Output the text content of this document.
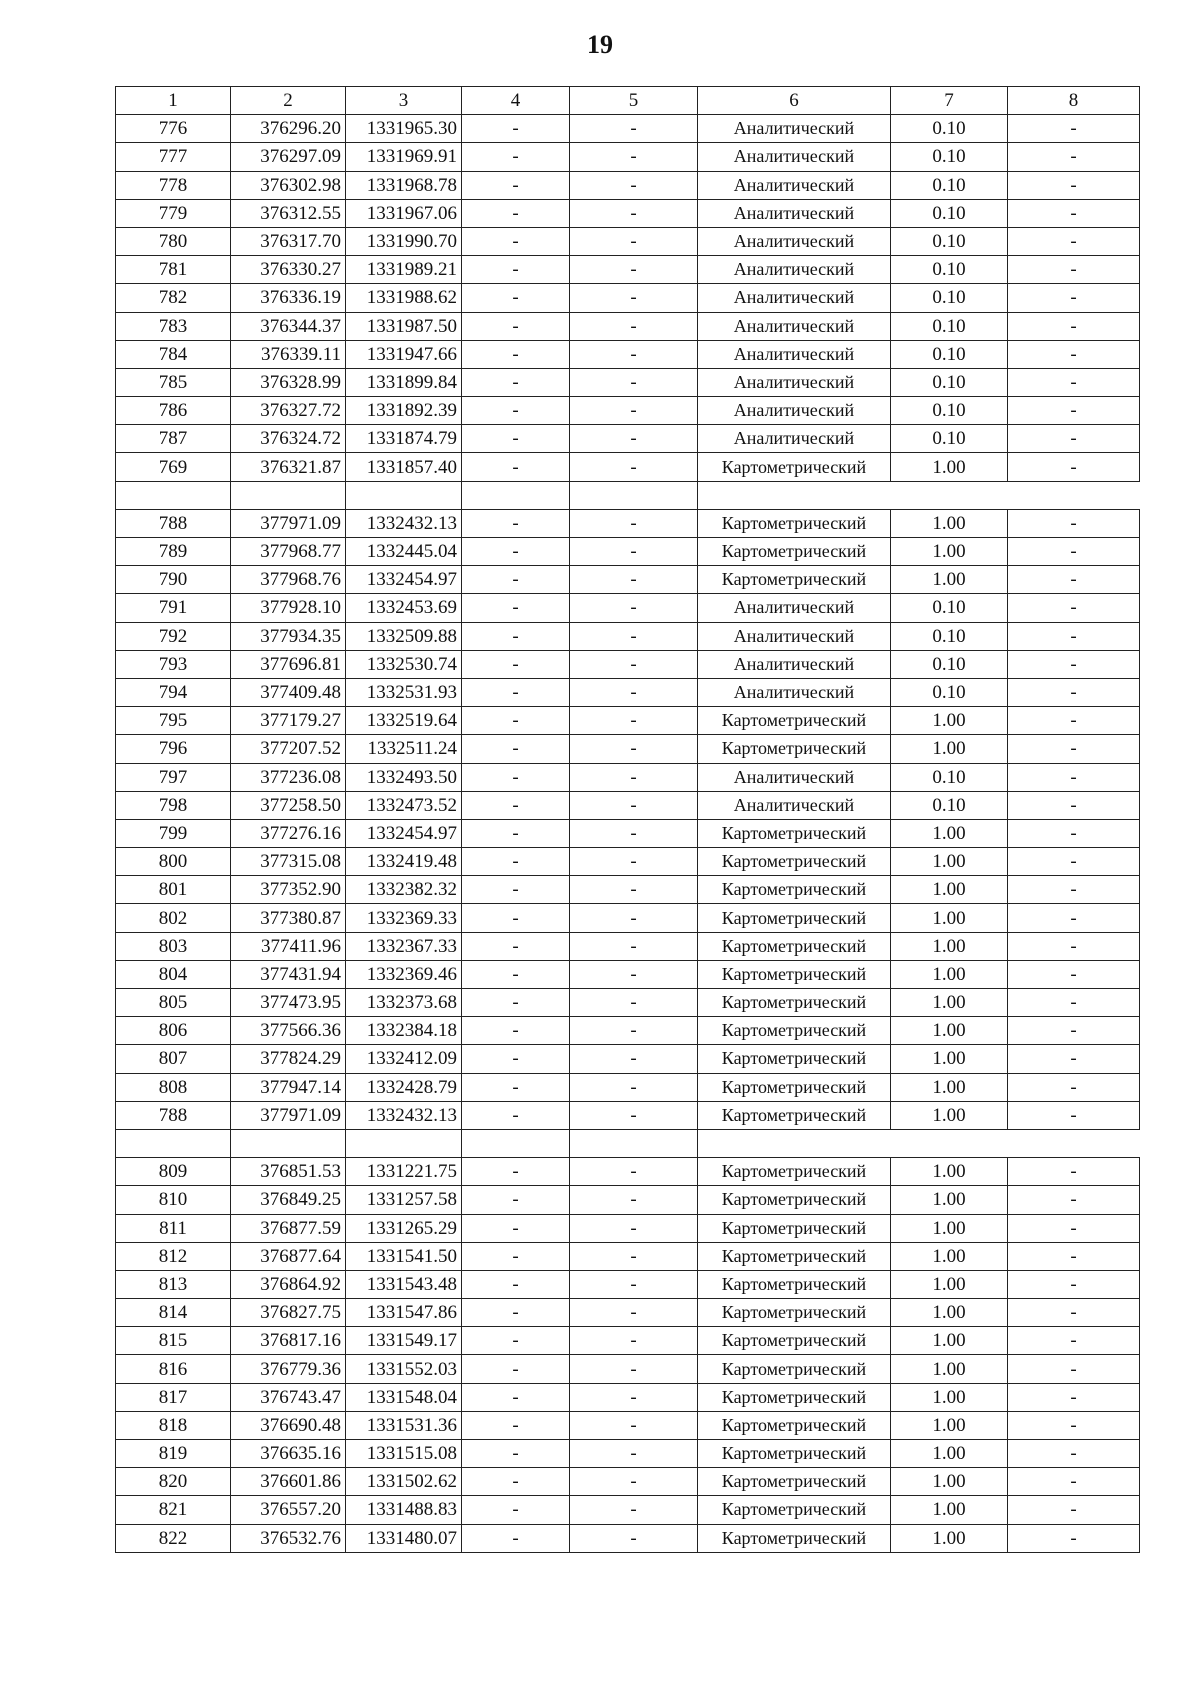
19
1	2	3	4	5	6	7	8
776	376296.20	1331965.30	-	-	Аналитический	0.10	-
777	376297.09	1331969.91	-	-	Аналитический	0.10	-
778	376302.98	1331968.78	-	-	Аналитический	0.10	-
779	376312.55	1331967.06	-	-	Аналитический	0.10	-
780	376317.70	1331990.70	-	-	Аналитический	0.10	-
781	376330.27	1331989.21	-	-	Аналитический	0.10	-
782	376336.19	1331988.62	-	-	Аналитический	0.10	-
783	376344.37	1331987.50	-	-	Аналитический	0.10	-
784	376339.11	1331947.66	-	-	Аналитический	0.10	-
785	376328.99	1331899.84	-	-	Аналитический	0.10	-
786	376327.72	1331892.39	-	-	Аналитический	0.10	-
787	376324.72	1331874.79	-	-	Аналитический	0.10	-
769	376321.87	1331857.40	-	-	Картометрический	1.00	-

788	377971.09	1332432.13	-	-	Картометрический	1.00	-
789	377968.77	1332445.04	-	-	Картометрический	1.00	-
790	377968.76	1332454.97	-	-	Картометрический	1.00	-
791	377928.10	1332453.69	-	-	Аналитический	0.10	-
792	377934.35	1332509.88	-	-	Аналитический	0.10	-
793	377696.81	1332530.74	-	-	Аналитический	0.10	-
794	377409.48	1332531.93	-	-	Аналитический	0.10	-
795	377179.27	1332519.64	-	-	Картометрический	1.00	-
796	377207.52	1332511.24	-	-	Картометрический	1.00	-
797	377236.08	1332493.50	-	-	Аналитический	0.10	-
798	377258.50	1332473.52	-	-	Аналитический	0.10	-
799	377276.16	1332454.97	-	-	Картометрический	1.00	-
800	377315.08	1332419.48	-	-	Картометрический	1.00	-
801	377352.90	1332382.32	-	-	Картометрический	1.00	-
802	377380.87	1332369.33	-	-	Картометрический	1.00	-
803	377411.96	1332367.33	-	-	Картометрический	1.00	-
804	377431.94	1332369.46	-	-	Картометрический	1.00	-
805	377473.95	1332373.68	-	-	Картометрический	1.00	-
806	377566.36	1332384.18	-	-	Картометрический	1.00	-
807	377824.29	1332412.09	-	-	Картометрический	1.00	-
808	377947.14	1332428.79	-	-	Картометрический	1.00	-
788	377971.09	1332432.13	-	-	Картометрический	1.00	-

809	376851.53	1331221.75	-	-	Картометрический	1.00	-
810	376849.25	1331257.58	-	-	Картометрический	1.00	-
811	376877.59	1331265.29	-	-	Картометрический	1.00	-
812	376877.64	1331541.50	-	-	Картометрический	1.00	-
813	376864.92	1331543.48	-	-	Картометрический	1.00	-
814	376827.75	1331547.86	-	-	Картометрический	1.00	-
815	376817.16	1331549.17	-	-	Картометрический	1.00	-
816	376779.36	1331552.03	-	-	Картометрический	1.00	-
817	376743.47	1331548.04	-	-	Картометрический	1.00	-
818	376690.48	1331531.36	-	-	Картометрический	1.00	-
819	376635.16	1331515.08	-	-	Картометрический	1.00	-
820	376601.86	1331502.62	-	-	Картометрический	1.00	-
821	376557.20	1331488.83	-	-	Картометрический	1.00	-
822	376532.76	1331480.07	-	-	Картометрический	1.00	-
